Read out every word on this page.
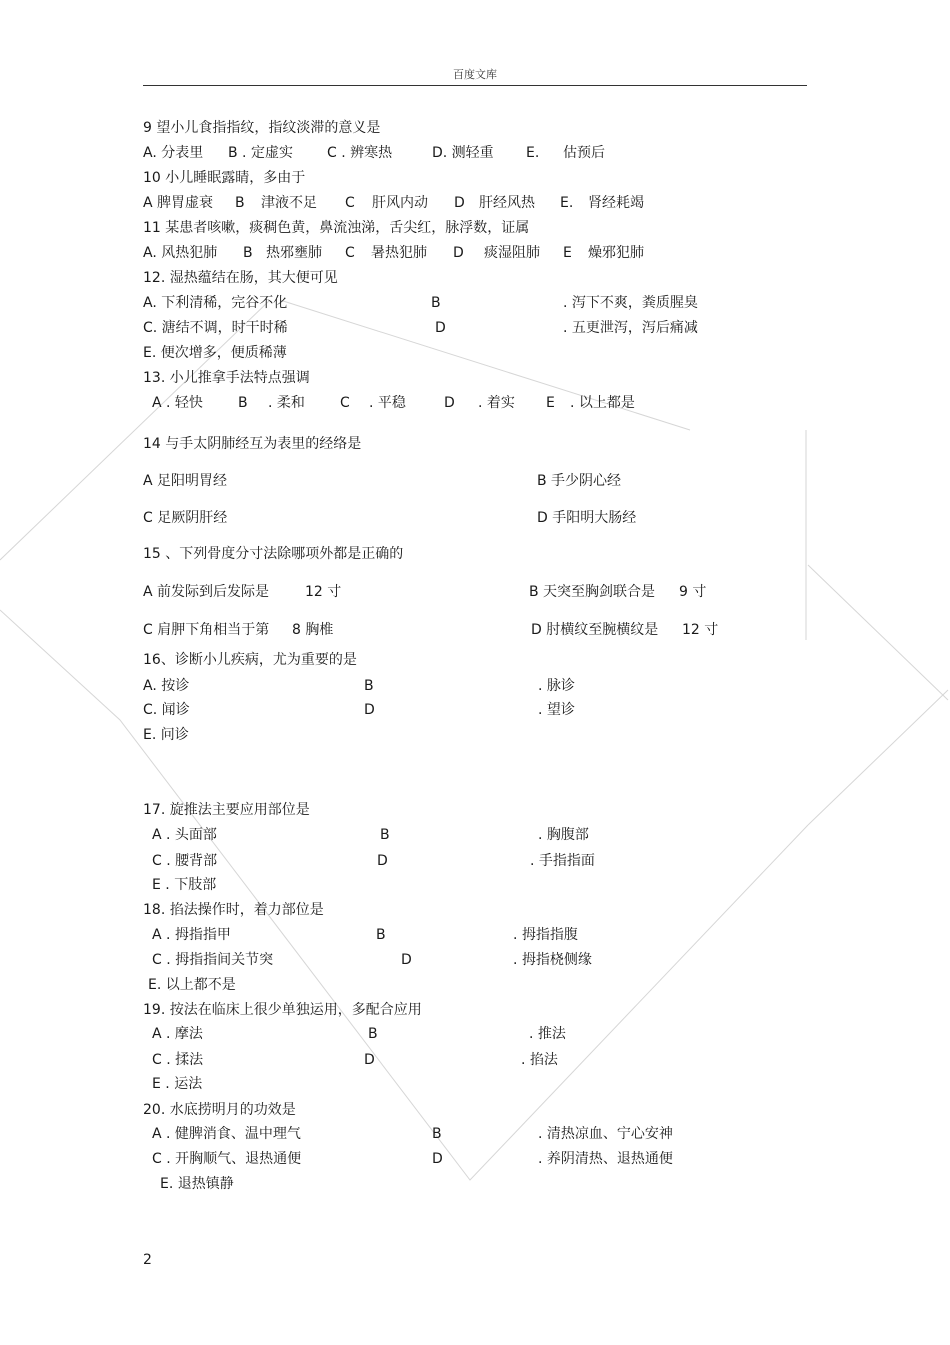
百度文库
9 望小儿食指指纹，指纹淡滞的意义是
A. 分表里 B . 定虚实 C . 辨寒热	D. 测轻重 E. 估预后
10 小儿睡眠露睛，多由于
A 脾胃虚衰 B 津液不足 C 肝风内动 D 肝经风热 E. 肾经耗竭
11 某患者咳嗽，痰稠色黄，鼻流浊涕，舌尖红，脉浮数，证属
A. 风热犯肺 B 热邪壅肺 C 暑热犯肺 D 痰湿阻肺 E 燥邪犯肺
12. 湿热蕴结在肠，其大便可见
A. 下利清稀，完谷不化	B	. 泻下不爽，粪质腥臭
C. 溏结不调，时干时稀	D	. 五更泄泻，泻后痛减
E. 便次增多，便质稀薄
13. 小儿推拿手法特点强调
A . 轻快	B . 柔和	C . 平稳	D . 着实 E . 以上都是
14 与手太阴肺经互为表里的经络是
A 足阳明胃经	B 手少阴心经
C 足厥阴肝经	D 手阳明大肠经
15 、下列骨度分寸法除哪项外都是正确的
A 前发际到后发际是	12 寸	B 天突至胸剑联合是 9 寸
C 肩胛下角相当于第 8 胸椎	D 肘横纹至腕横纹是 12 寸
16、诊断小儿疾病，尤为重要的是
A. 按诊	B	. 脉诊
C. 闻诊	D	. 望诊
E. 问诊
17. 旋推法主要应用部位是
A . 头面部	B	. 胸腹部
C . 腰背部	D	. 手指指面
E . 下肢部
18. 掐法操作时，着力部位是
A . 拇指指甲	B	. 拇指指腹
C . 拇指指间关节突	D	. 拇指桡侧缘
E. 以上都不是
19. 按法在临床上很少单独运用，多配合应用
A . 摩法	B	. 推法
C . 揉法	D	. 掐法
E . 运法
20. 水底捞明月的功效是
A . 健脾消食、温中理气	B	. 清热凉血、宁心安神
C . 开胸顺气、退热通便	D	. 养阴清热、退热通便
E. 退热镇静
2
